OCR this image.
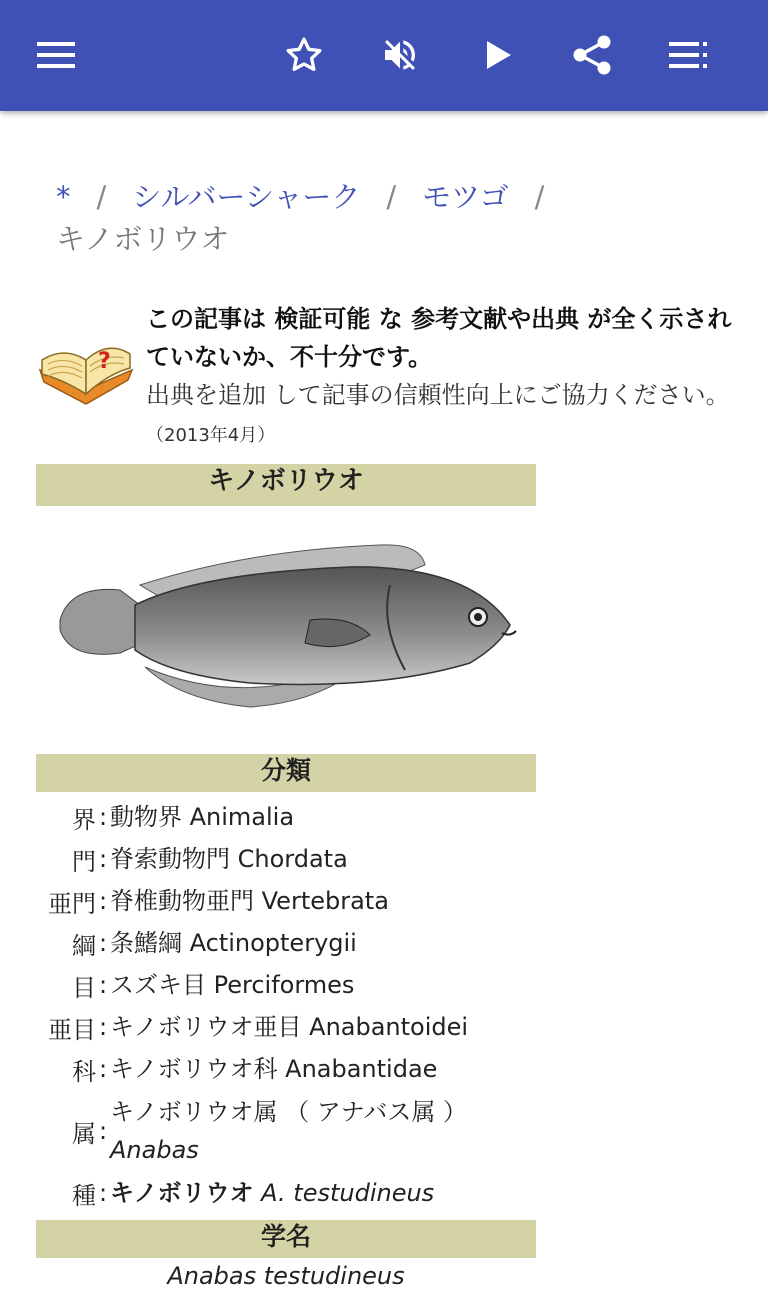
* / シルバーシャーク / モツゴ /
キノボリウオ
?
この記事は 検証可能 な 参考文献や出典 が全く示されていないか、不十分です。
出典を追加 して記事の信頼性向上にご協力ください。（2013年4月）
キノボリウオ
分類
界 : 動物界 Animalia
門 : 脊索動物門 Chordata
亜門 : 脊椎動物亜門 Vertebrata
綱 : 条鰭綱 Actinopterygii
目 : スズキ目 Perciformes
亜目 : キノボリウオ亜目 Anabantoidei
科 : キノボリウオ科 Anabantidae
属 :
キノボリウオ属 （ アナバス属 ）
Anabas
種 : キノボリウオ A. testudineus
学名
Anabas testudineus
